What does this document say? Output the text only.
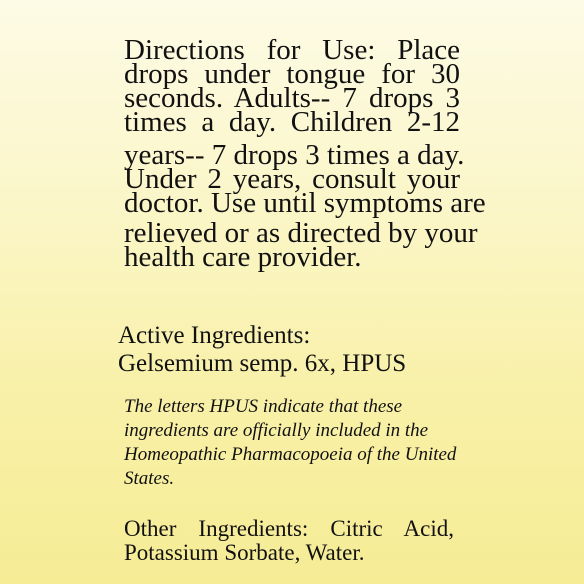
Directions for Use: Place
drops under tongue for 30
seconds. Adults-- 7 drops 3
times a day. Children 2-12
years-- 7 drops 3 times a day.
Under 2 years, consult your
doctor. Use until symptoms are
relieved or as directed by your
health care provider.
Active Ingredients:
Gelsemium semp. 6x, HPUS
The letters HPUS indicate that these
ingredients are officially included in the
Homeopathic Pharmacopoeia of the United
States.
Other Ingredients: Citric Acid,
Potassium Sorbate, Water.
